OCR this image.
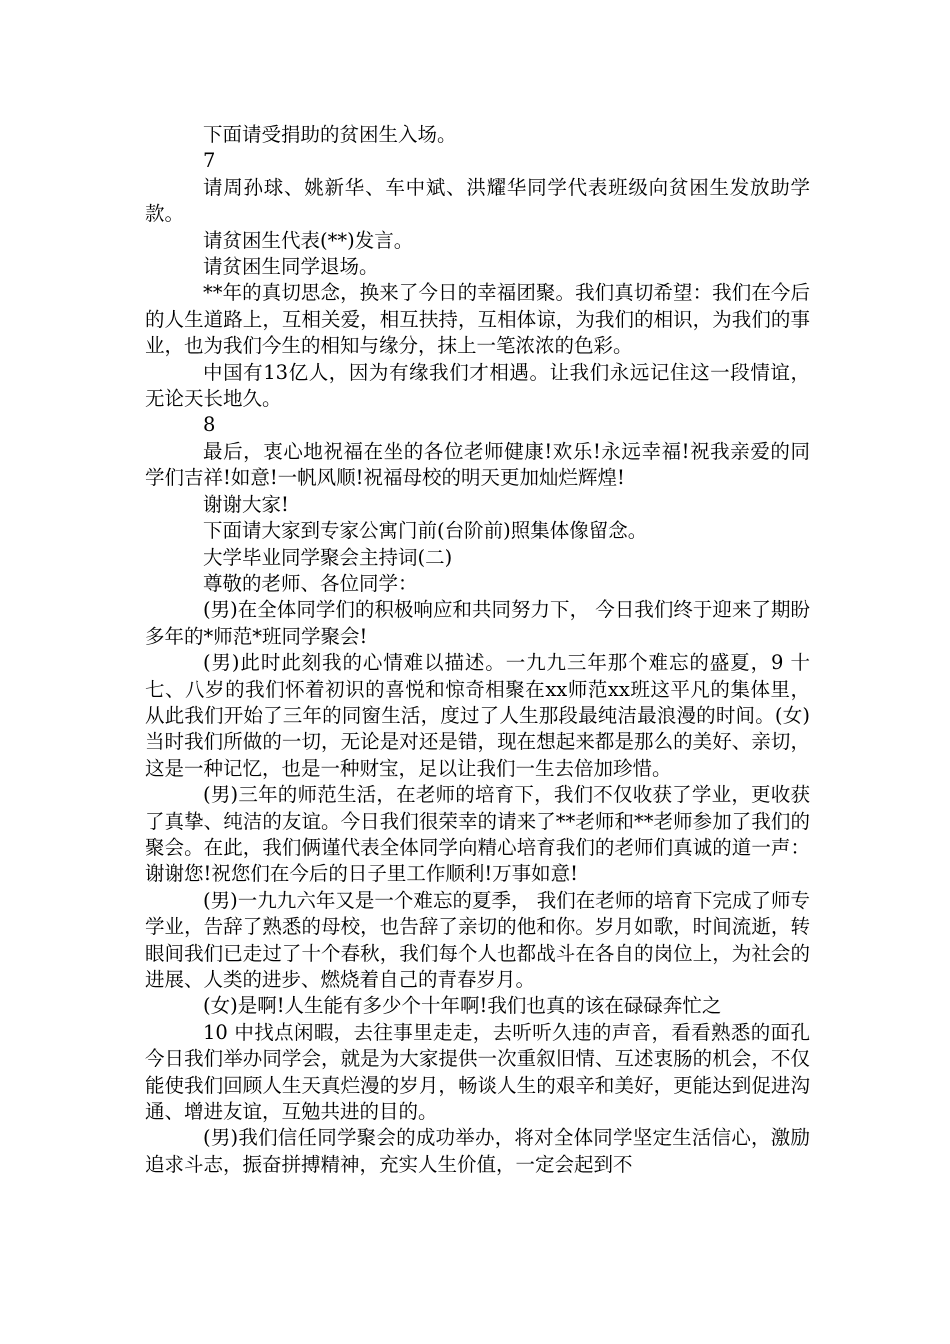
下面请受捐助的贫困生入场。

7

请周孙球、姚新华、车中斌、洪耀华同学代表班级向贫困生发放助学款。

请贫困生代表(**)发言。

请贫困生同学退场。

**年的真切思念，换来了今日的幸福团聚。我们真切希望：我们在今后的人生道路上，互相关爱，相互扶持，互相体谅，为我们的相识，为我们的事业，也为我们今生的相知与缘分，抹上一笔浓浓的色彩。

中国有13亿人，因为有缘我们才相遇。让我们永远记住这一段情谊，无论天长地久。

8

最后，衷心地祝福在坐的各位老师健康!欢乐!永远幸福!祝我亲爱的同学们吉祥!如意!一帆风顺!祝福母校的明天更加灿烂辉煌!

谢谢大家!

下面请大家到专家公寓门前(台阶前)照集体像留念。

大学毕业同学聚会主持词(二)

尊敬的老师、各位同学：

(男)在全体同学们的积极响应和共同努力下， 今日我们终于迎来了期盼多年的*师范*班同学聚会!

(男)此时此刻我的心情难以描述。一九九三年那个难忘的盛夏，9 十七、八岁的我们怀着初识的喜悦和惊奇相聚在xx师范xx班这平凡的集体里，从此我们开始了三年的同窗生活，度过了人生那段最纯洁最浪漫的时间。(女)当时我们所做的一切，无论是对还是错，现在想起来都是那么的美好、亲切，这是一种记忆，也是一种财宝，足以让我们一生去倍加珍惜。

(男)三年的师范生活，在老师的培育下，我们不仅收获了学业，更收获了真挚、纯洁的友谊。今日我们很荣幸的请来了**老师和**老师参加了我们的聚会。在此，我们俩谨代表全体同学向精心培育我们的老师们真诚的道一声：谢谢您!祝您们在今后的日子里工作顺利!万事如意!

(男)一九九六年又是一个难忘的夏季， 我们在老师的培育下完成了师专学业，告辞了熟悉的母校，也告辞了亲切的他和你。岁月如歌，时间流逝，转眼间我们已走过了十个春秋，我们每个人也都战斗在各自的岗位上，为社会的进展、人类的进步、燃烧着自己的青春岁月。

(女)是啊!人生能有多少个十年啊!我们也真的该在碌碌奔忙之

10 中找点闲暇，去往事里走走，去听听久违的声音，看看熟悉的面孔 今日我们举办同学会，就是为大家提供一次重叙旧情、互述衷肠的机会，不仅能使我们回顾人生天真烂漫的岁月，畅谈人生的艰辛和美好，更能达到促进沟通、增进友谊，互勉共进的目的。

(男)我们信任同学聚会的成功举办，将对全体同学坚定生活信心，激励追求斗志，振奋拼搏精神，充实人生价值，一定会起到不
